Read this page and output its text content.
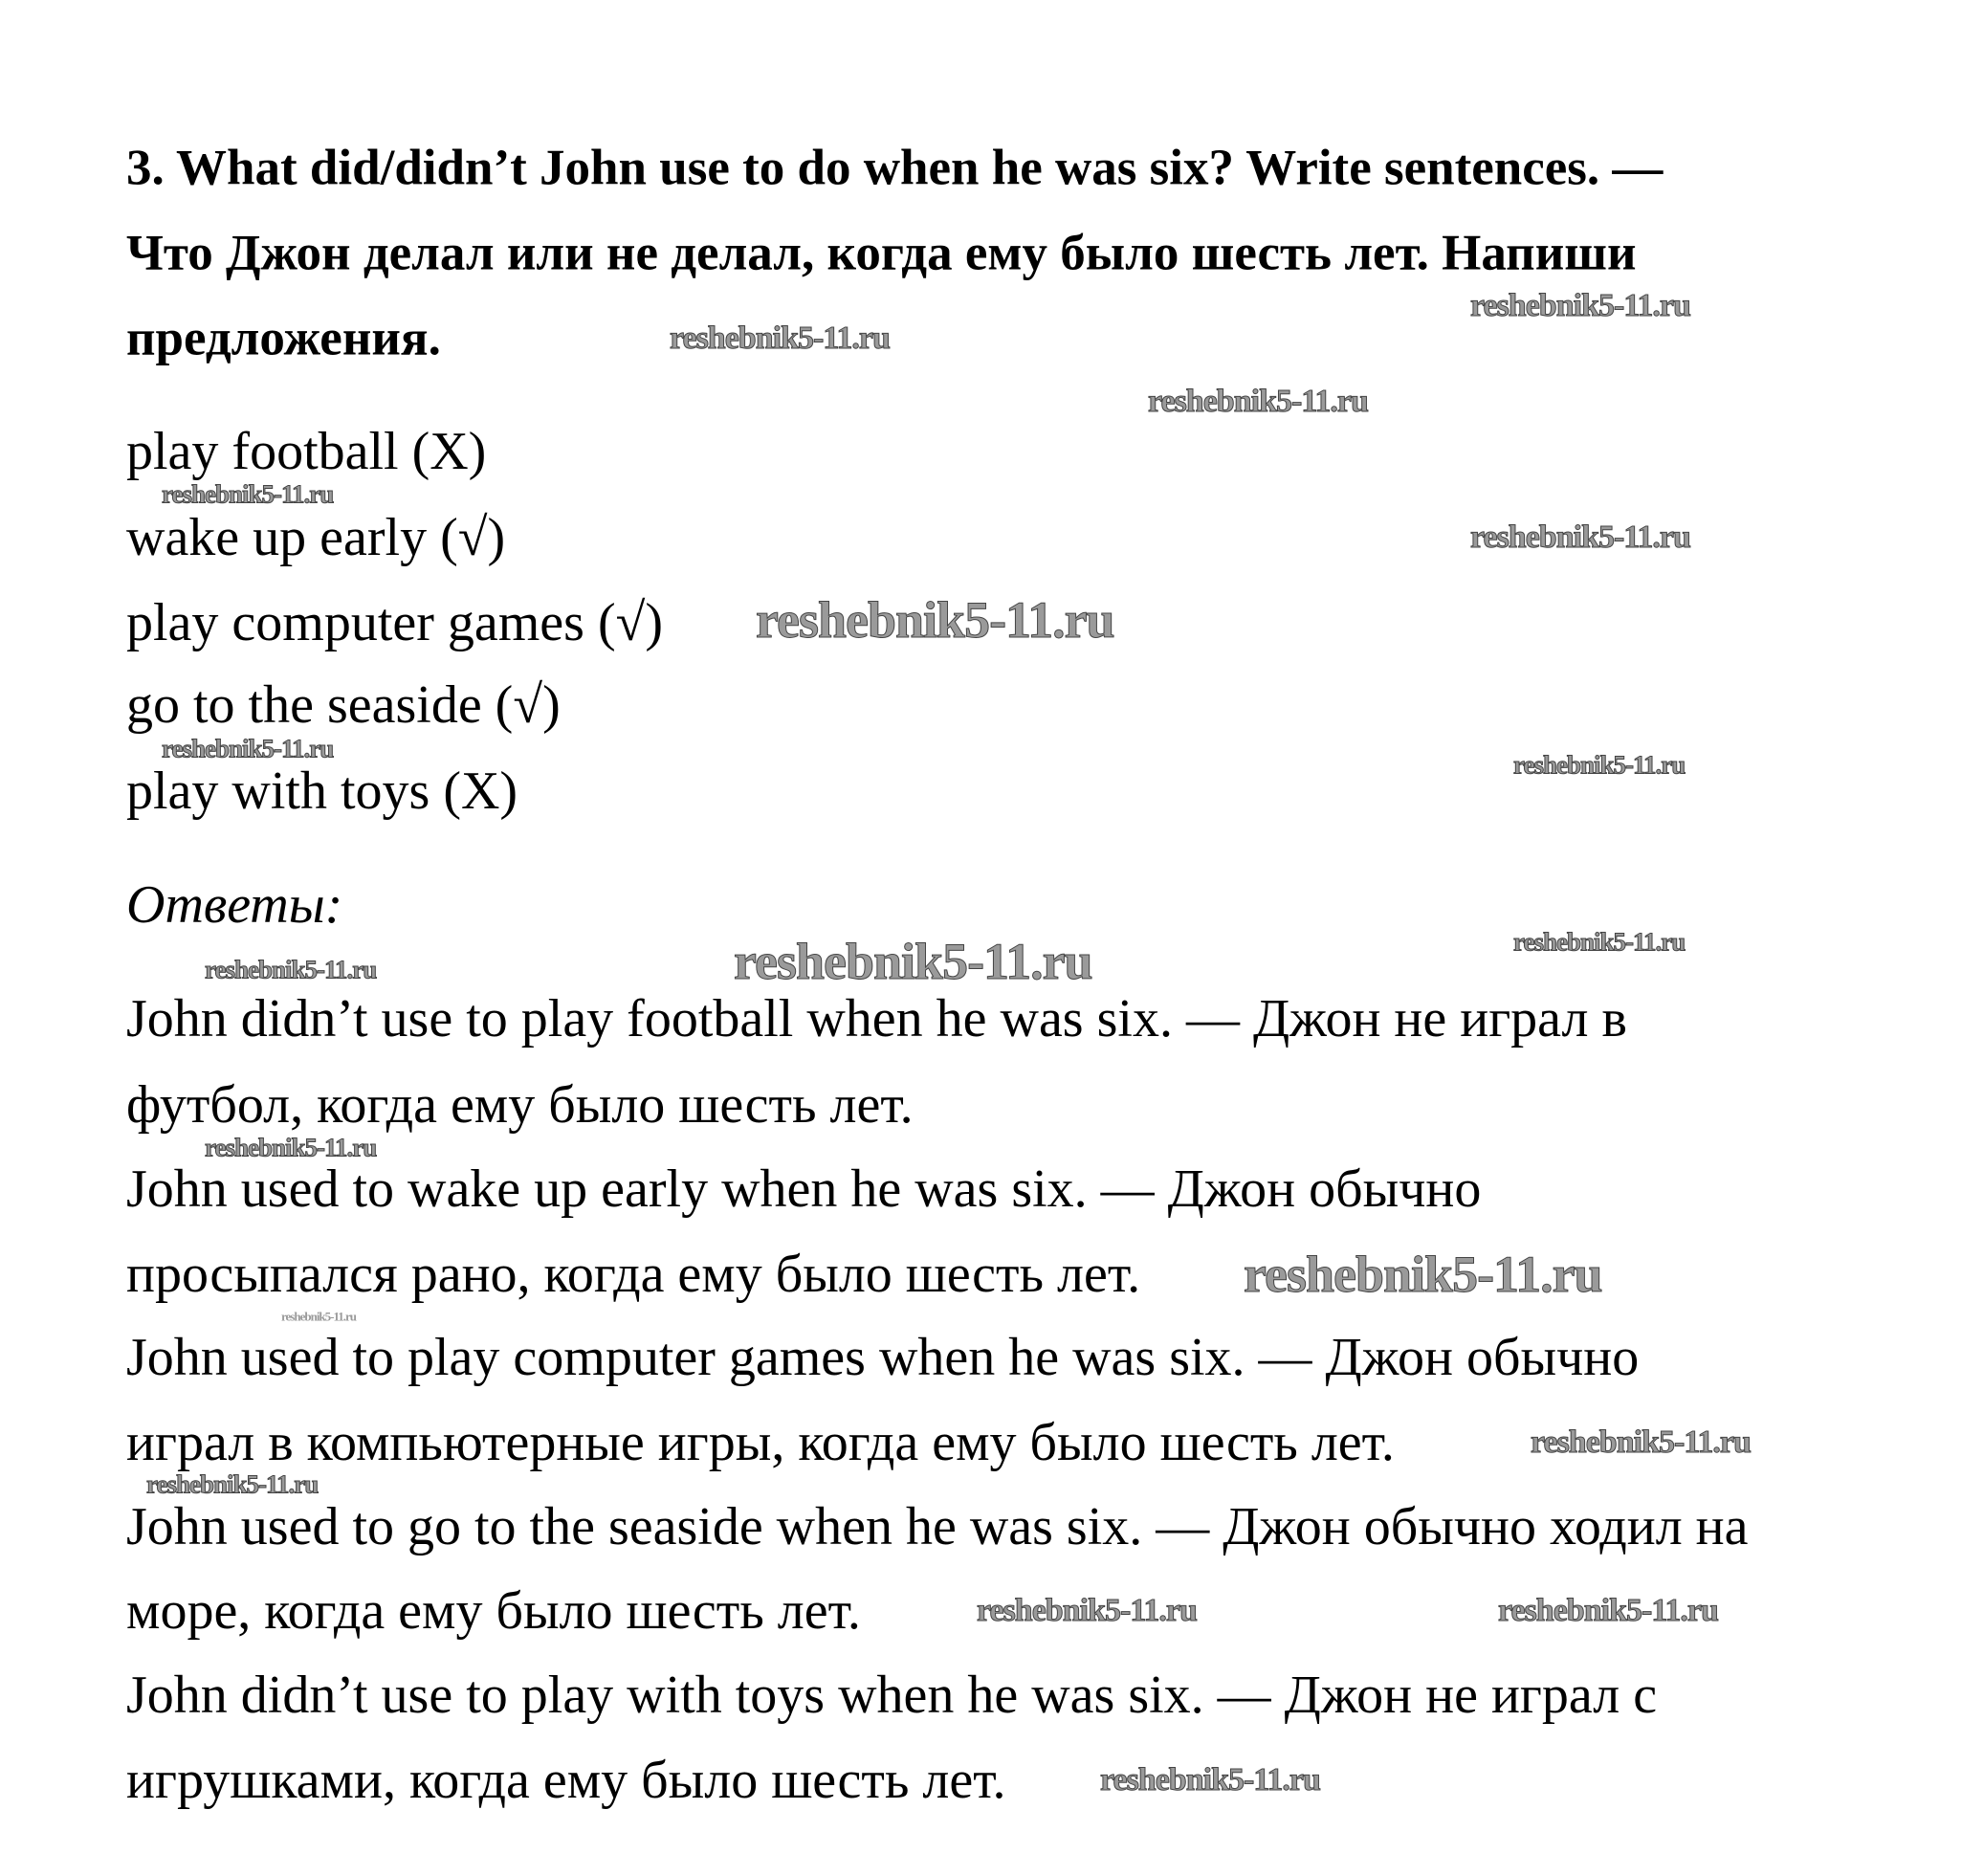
3. What did/didn’t John use to do when he was six? Write sentences. —
Что Джон делал или не делал, когда ему было шесть лет. Напиши
предложения.
play football (X)
wake up early (√)
play computer games (√)
go to the seaside (√)
play with toys (X)
Ответы:
John didn’t use to play football when he was six. — Джон не играл в
футбол, когда ему было шесть лет.
John used to wake up early when he was six. — Джон обычно
просыпался рано, когда ему было шесть лет.
John used to play computer games when he was six. — Джон обычно
играл в компьютерные игры, когда ему было шесть лет.
John used to go to the seaside when he was six. — Джон обычно ходил на
море, когда ему было шесть лет.
John didn’t use to play with toys when he was six. — Джон не играл с
игрушками, когда ему было шесть лет.
reshebnik5-11.ru
reshebnik5-11.ru
reshebnik5-11.ru
reshebnik5-11.ru
reshebnik5-11.ru
reshebnik5-11.ru
reshebnik5-11.ru
reshebnik5-11.ru
reshebnik5-11.ru
reshebnik5-11.ru
reshebnik5-11.ru
reshebnik5-11.ru
reshebnik5-11.ru
reshebnik5-11.ru
reshebnik5-11.ru
reshebnik5-11.ru
reshebnik5-11.ru	reshebnik5-11.ru
reshebnik5-11.ru
